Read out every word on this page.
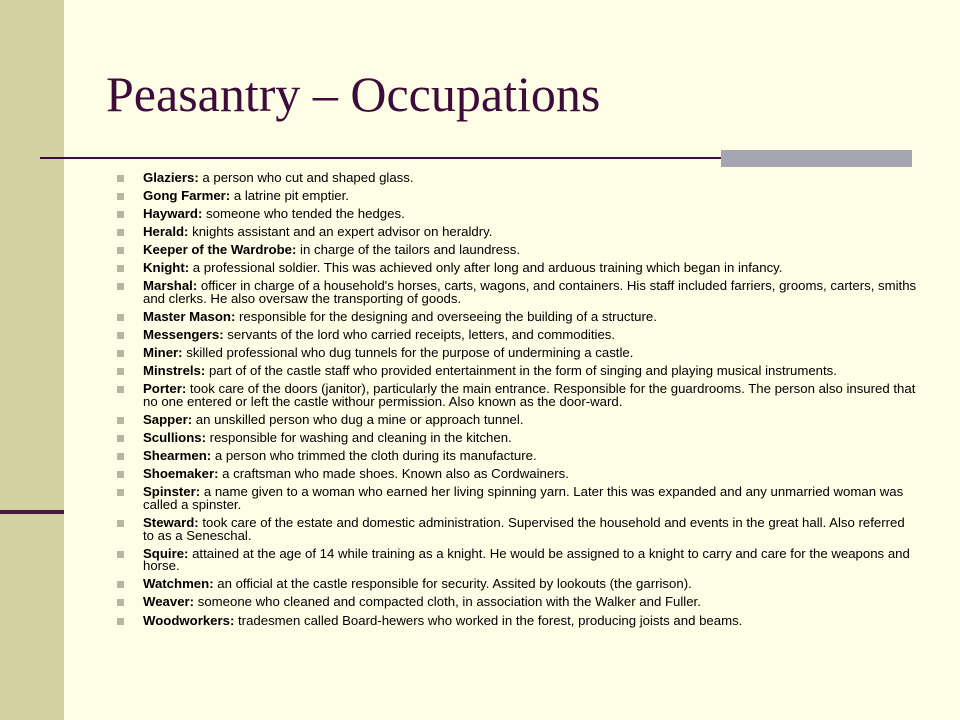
Peasantry – Occupations
Glaziers: a person who cut and shaped glass.
Gong Farmer: a latrine pit emptier.
Hayward: someone who tended the hedges.
Herald: knights assistant and an expert advisor on heraldry.
Keeper of the Wardrobe: in charge of the tailors and laundress.
Knight: a professional soldier. This was achieved only after long and arduous training which began in infancy.
Marshal: officer in charge of a household's horses, carts, wagons, and containers. His staff included farriers, grooms, carters, smiths and clerks. He also oversaw the transporting of goods.
Master Mason: responsible for the designing and overseeing the building of a structure.
Messengers: servants of the lord who carried receipts, letters, and commodities.
Miner: skilled professional who dug tunnels for the purpose of undermining a castle.
Minstrels: part of of the castle staff who provided entertainment in the form of singing and playing musical instruments.
Porter: took care of the doors (janitor), particularly the main entrance. Responsible for the guardrooms. The person also insured that no one entered or left the castle withour permission. Also known as the door-ward.
Sapper: an unskilled person who dug a mine or approach tunnel.
Scullions: responsible for washing and cleaning in the kitchen.
Shearmen: a person who trimmed the cloth during its manufacture.
Shoemaker: a craftsman who made shoes. Known also as Cordwainers.
Spinster: a name given to a woman who earned her living spinning yarn. Later this was expanded and any unmarried woman was called a spinster.
Steward: took care of the estate and domestic administration. Supervised the household and events in the great hall. Also referred to as a Seneschal.
Squire: attained at the age of 14 while training as a knight. He would be assigned to a knight to carry and care for the weapons and horse.
Watchmen: an official at the castle responsible for security. Assited by lookouts (the garrison).
Weaver: someone who cleaned and compacted cloth, in association with the Walker and Fuller.
Woodworkers: tradesmen called Board-hewers who worked in the forest, producing joists and beams.
